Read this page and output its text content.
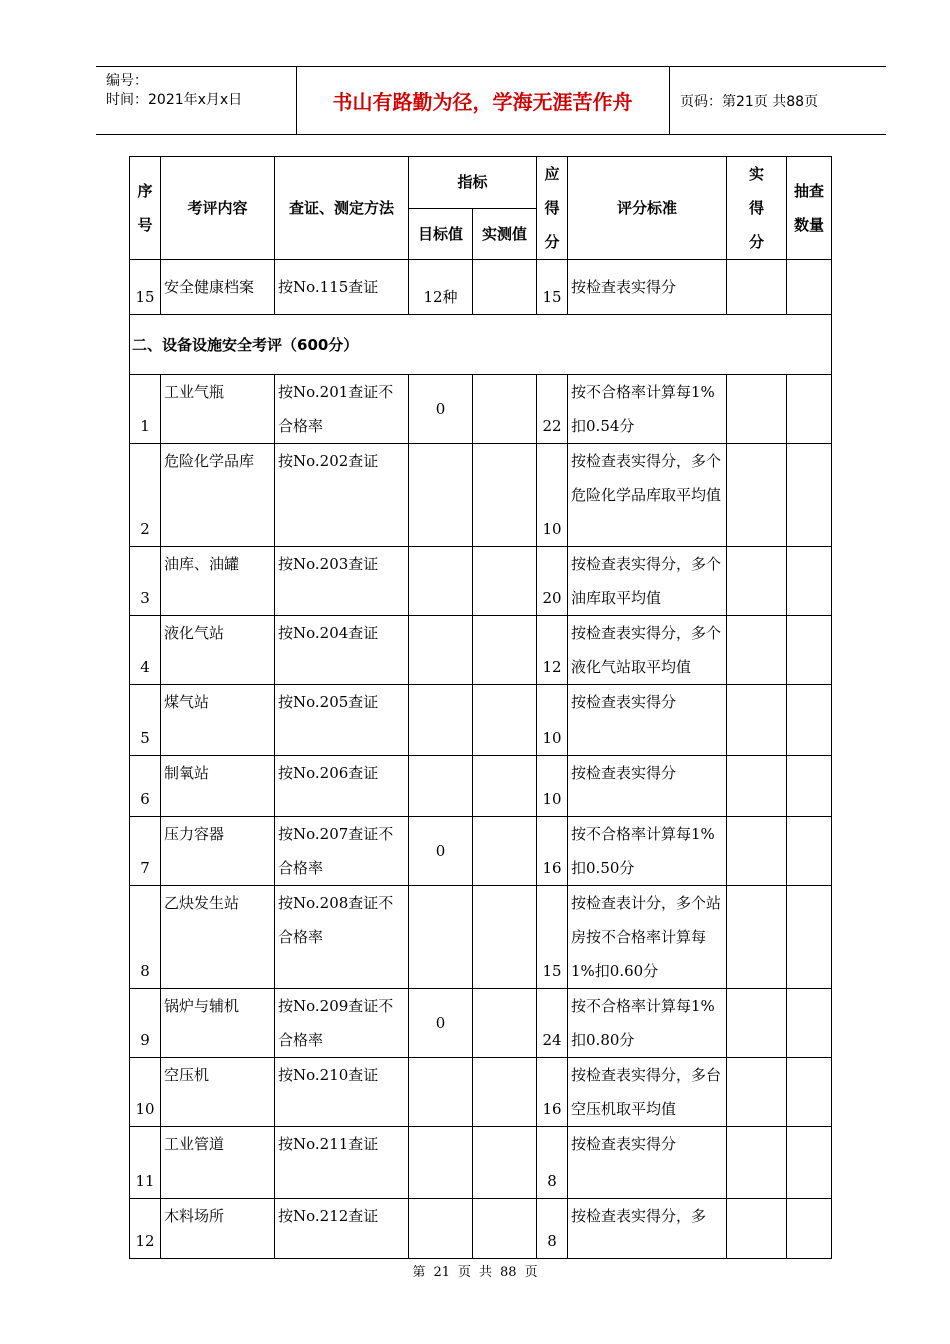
编号：
时间：2021年x月x日	书山有路勤为径，学海无涯苦作舟	页码：第21页 共88页
序号	考评内容	查证、测定方法	指标		应得分	评分标准	实得分	抽查数量
			目标值	实测值				
15	安全健康档案	按No.115查证	12种		15	按检查表实得分		
二、设备设施安全考评（600分）								
1	工业气瓶	按No.201查证不合格率	0		22	按不合格率计算每1%扣0.54分		
2	危险化学品库	按No.202查证			10	按检查表实得分，多个危险化学品库取平均值		
3	油库、油罐	按No.203查证			20	按检查表实得分，多个油库取平均值		
4	液化气站	按No.204查证			12	按检查表实得分，多个液化气站取平均值		
5	煤气站	按No.205查证			10	按检查表实得分		
6	制氧站	按No.206查证			10	按检查表实得分		
7	压力容器	按No.207查证不合格率	0		16	按不合格率计算每1%扣0.50分		
8	乙炔发生站	按No.208查证不合格率			15	按检查表计分，多个站房按不合格率计算每1%扣0.60分		
9	锅炉与辅机	按No.209查证不合格率	0		24	按不合格率计算每1%扣0.80分		
10	空压机	按No.210查证			16	按检查表实得分，多台空压机取平均值		
11	工业管道	按No.211查证			8	按检查表实得分		
12	木料场所	按No.212查证			8	按检查表实得分，多		
第 21 页 共 88 页
